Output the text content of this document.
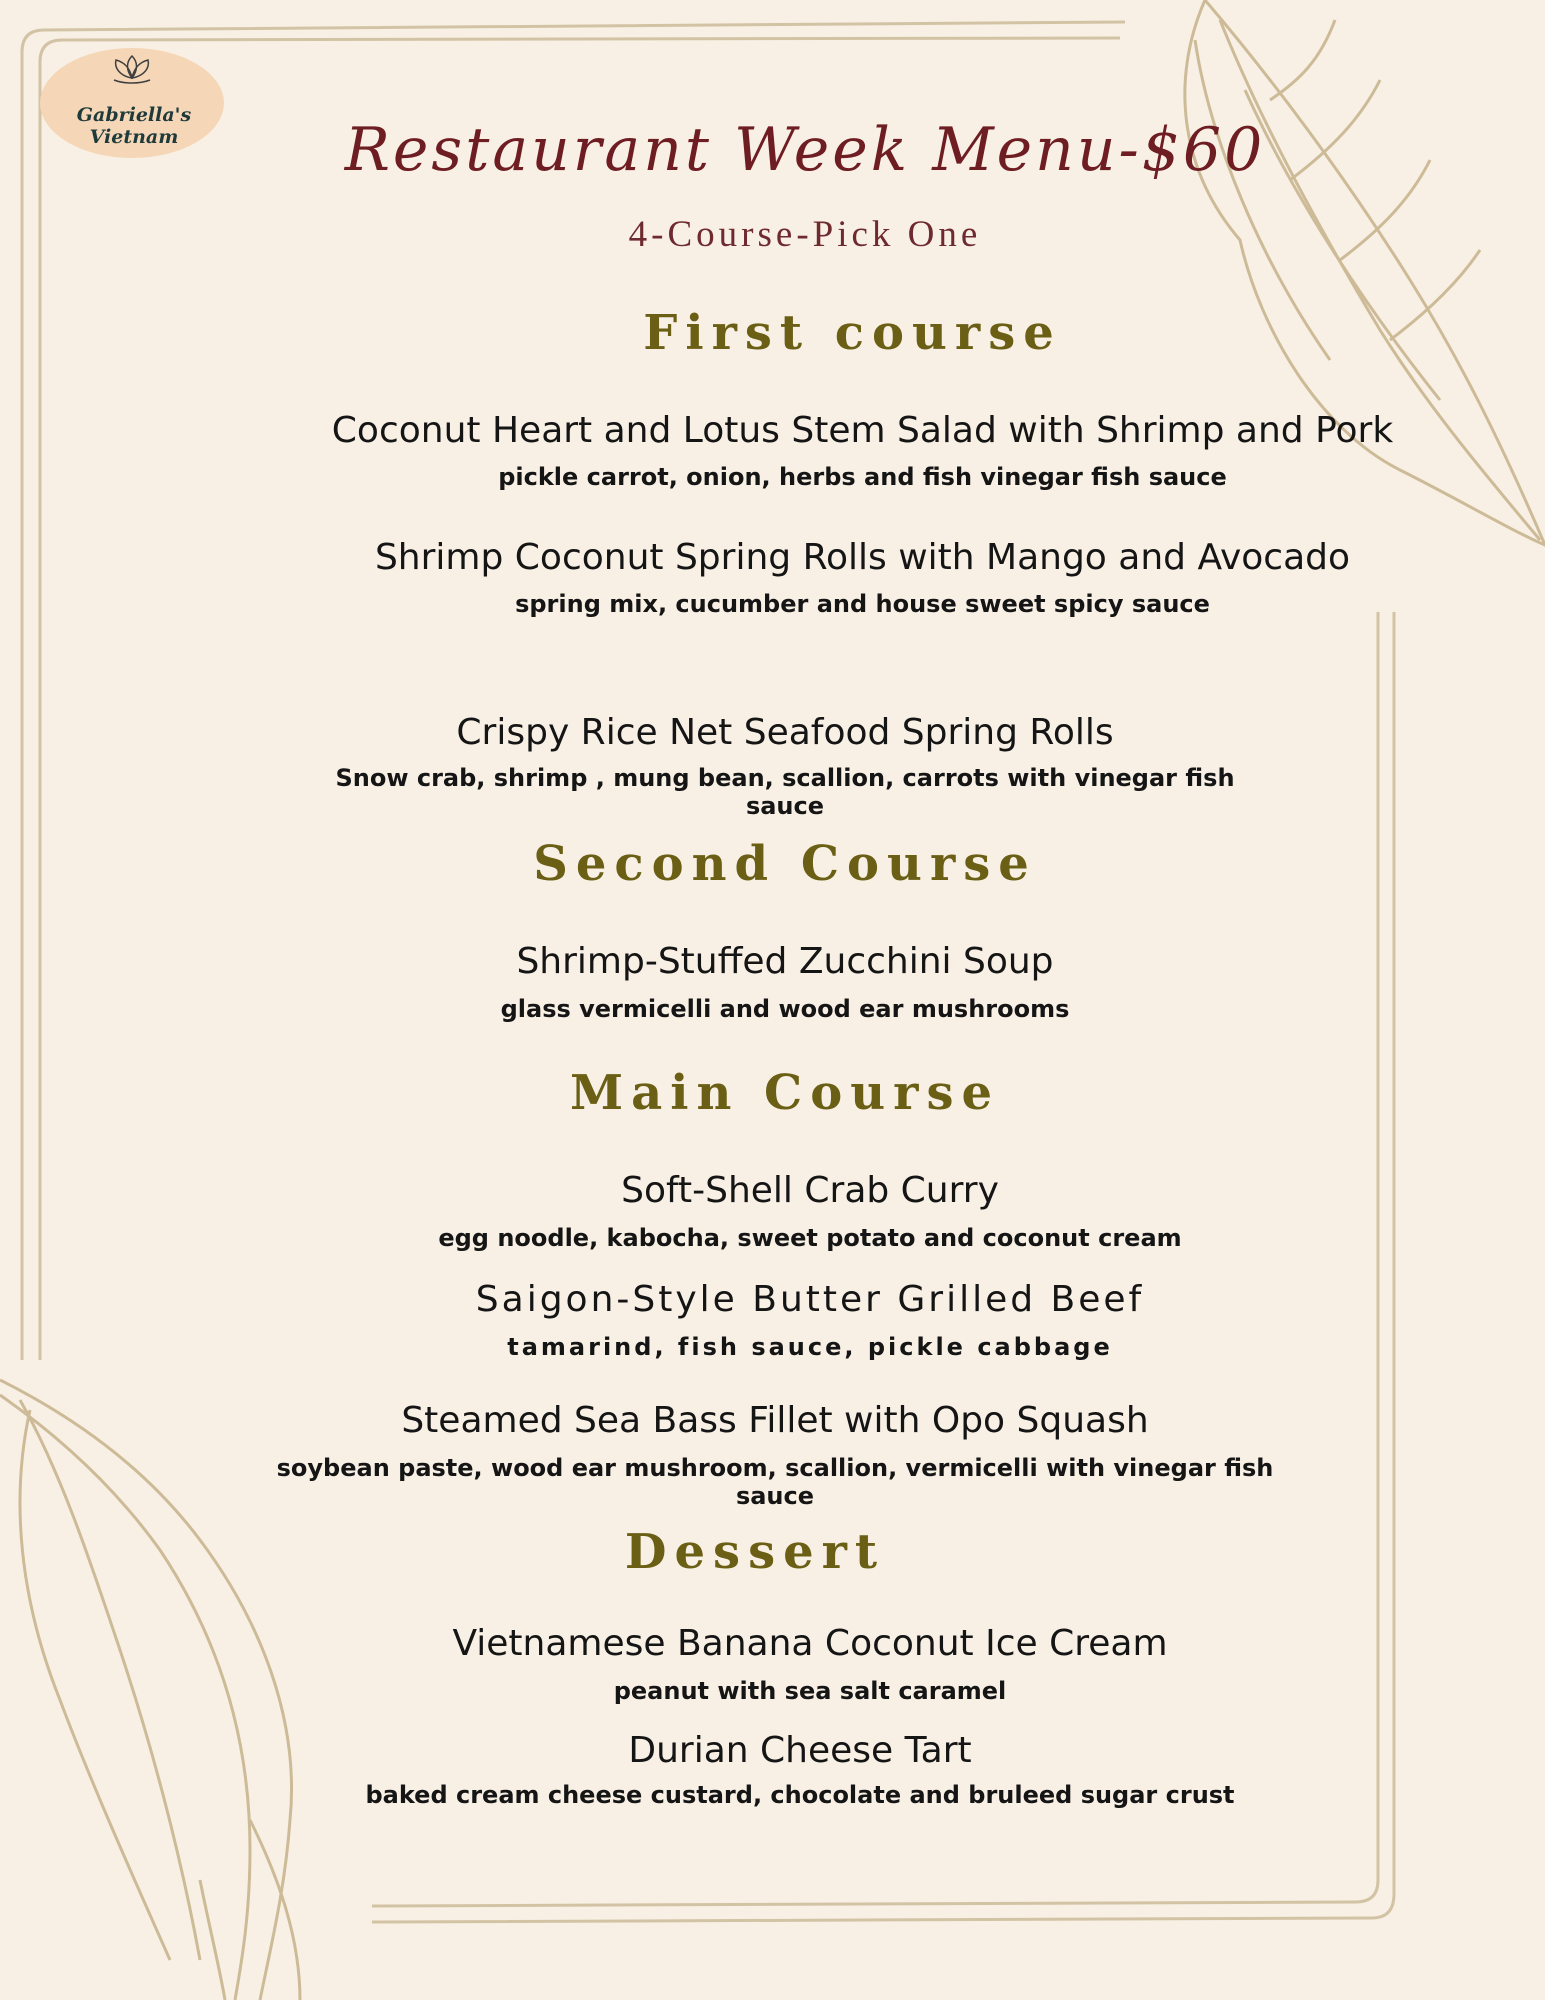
Gabriella's Vietnam	Restaurant Week Menu-$60
4-Course-Pick One
First course
Coconut Heart and Lotus Stem Salad with Shrimp and Pork
pickle carrot, onion, herbs and fish vinegar fish sauce
Shrimp Coconut Spring Rolls with Mango and Avocado
spring mix, cucumber and house sweet spicy sauce
Crispy Rice Net Seafood Spring Rolls
Snow crab, shrimp , mung bean, scallion, carrots with vinegar fish sauce
Second Course
Shrimp-Stuffed Zucchini Soup
glass vermicelli and wood ear mushrooms
Main Course
Soft-Shell Crab Curry
egg noodle, kabocha, sweet potato and coconut cream
Saigon-Style Butter Grilled Beef
tamarind, fish sauce, pickle cabbage
Steamed Sea Bass Fillet with Opo Squash
soybean paste, wood ear mushroom, scallion, vermicelli with vinegar fish sauce
Dessert
Vietnamese Banana Coconut Ice Cream
peanut with sea salt caramel
Durian Cheese Tart
baked cream cheese custard, chocolate and bruleed sugar crust
